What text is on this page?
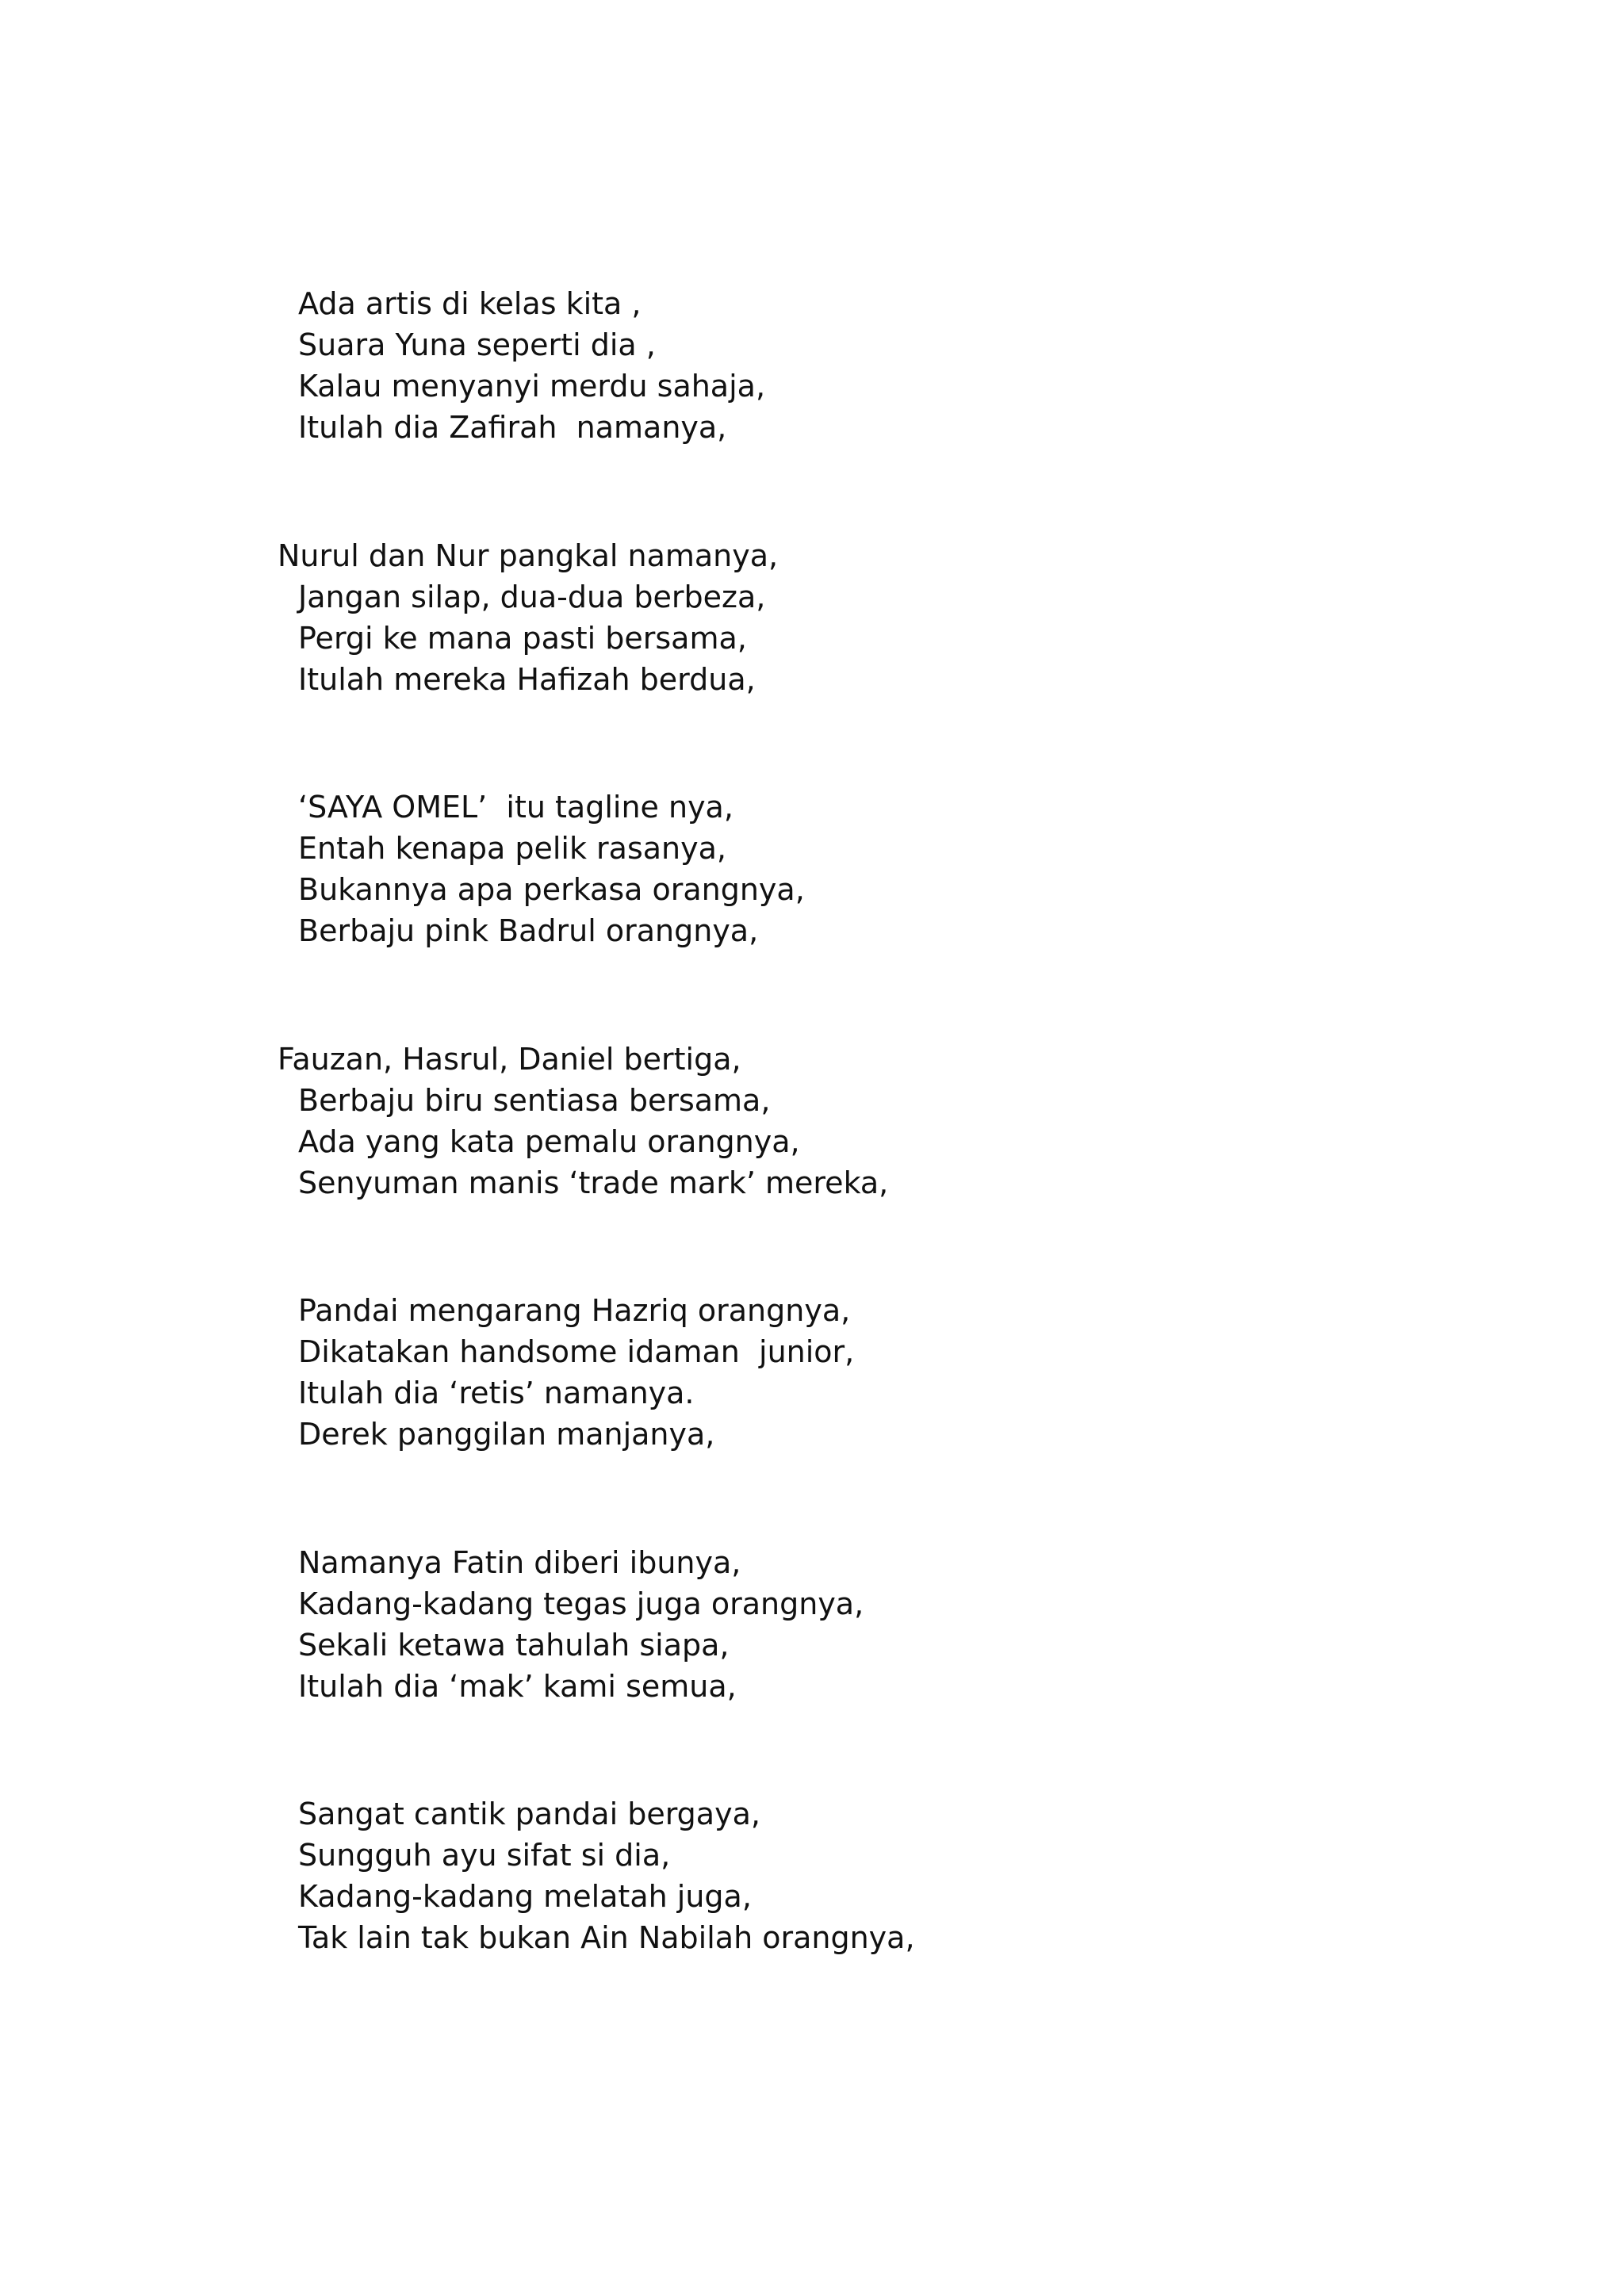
Ada artis di kelas kita ,
Suara Yuna seperti dia ,
Kalau menyanyi merdu sahaja,
Itulah dia Zafirah  namanya,
Nurul dan Nur pangkal namanya,
Jangan silap, dua-dua berbeza,
Pergi ke mana pasti bersama,
Itulah mereka Hafizah berdua,
‘SAYA OMEL’  itu tagline nya,
Entah kenapa pelik rasanya,
Bukannya apa perkasa orangnya,
Berbaju pink Badrul orangnya,
Fauzan, Hasrul, Daniel bertiga,
Berbaju biru sentiasa bersama,
Ada yang kata pemalu orangnya,
Senyuman manis ‘trade mark’ mereka,
Pandai mengarang Hazriq orangnya,
Dikatakan handsome idaman  junior,
Itulah dia ‘retis’ namanya.
Derek panggilan manjanya,
Namanya Fatin diberi ibunya,
Kadang-kadang tegas juga orangnya,
Sekali ketawa tahulah siapa,
Itulah dia ‘mak’ kami semua,
Sangat cantik pandai bergaya,
Sungguh ayu sifat si dia,
Kadang-kadang melatah juga,
Tak lain tak bukan Ain Nabilah orangnya,
